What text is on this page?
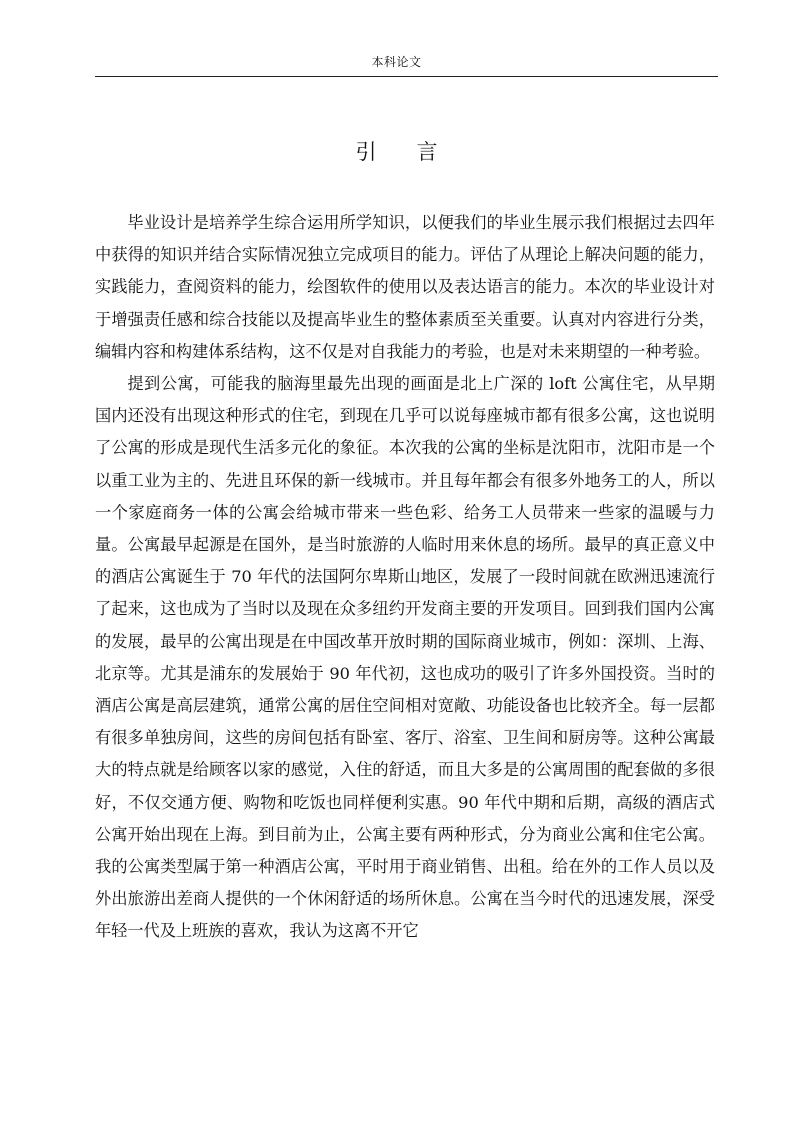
本科论文
引言

毕业设计是培养学生综合运用所学知识，以便我们的毕业生展示我们根据过去四年中获得的知识并结合实际情况独立完成项目的能力。评估了从理论上解决问题的能力，实践能力，查阅资料的能力，绘图软件的使用以及表达语言的能力。本次的毕业设计对于增强责任感和综合技能以及提高毕业生的整体素质至关重要。认真对内容进行分类，编辑内容和构建体系结构，这不仅是对自我能力的考验，也是对未来期望的一种考验。

提到公寓，可能我的脑海里最先出现的画面是北上广深的 loft 公寓住宅，从早期国内还没有出现这种形式的住宅，到现在几乎可以说每座城市都有很多公寓，这也说明了公寓的形成是现代生活多元化的象征。本次我的公寓的坐标是沈阳市，沈阳市是一个以重工业为主的、先进且环保的新一线城市。并且每年都会有很多外地务工的人，所以一个家庭商务一体的公寓会给城市带来一些色彩、给务工人员带来一些家的温暖与力量。公寓最早起源是在国外，是当时旅游的人临时用来休息的场所。最早的真正意义中的酒店公寓诞生于 70 年代的法国阿尔卑斯山地区，发展了一段时间就在欧洲迅速流行了起来，这也成为了当时以及现在众多纽约开发商主要的开发项目。回到我们国内公寓的发展，最早的公寓出现是在中国改革开放时期的国际商业城市，例如：深圳、上海、北京等。尤其是浦东的发展始于 90 年代初，这也成功的吸引了许多外国投资。当时的酒店公寓是高层建筑，通常公寓的居住空间相对宽敞、功能设备也比较齐全。每一层都有很多单独房间，这些的房间包括有卧室、客厅、浴室、卫生间和厨房等。这种公寓最大的特点就是给顾客以家的感觉，入住的舒适，而且大多是的公寓周围的配套做的多很好，不仅交通方便、购物和吃饭也同样便利实惠。90 年代中期和后期，高级的酒店式公寓开始出现在上海。到目前为止，公寓主要有两种形式，分为商业公寓和住宅公寓。我的公寓类型属于第一种酒店公寓，平时用于商业销售、出租。给在外的工作人员以及外出旅游出差商人提供的一个休闲舒适的场所休息。公寓在当今时代的迅速发展，深受年轻一代及上班族的喜欢，我认为这离不开它
